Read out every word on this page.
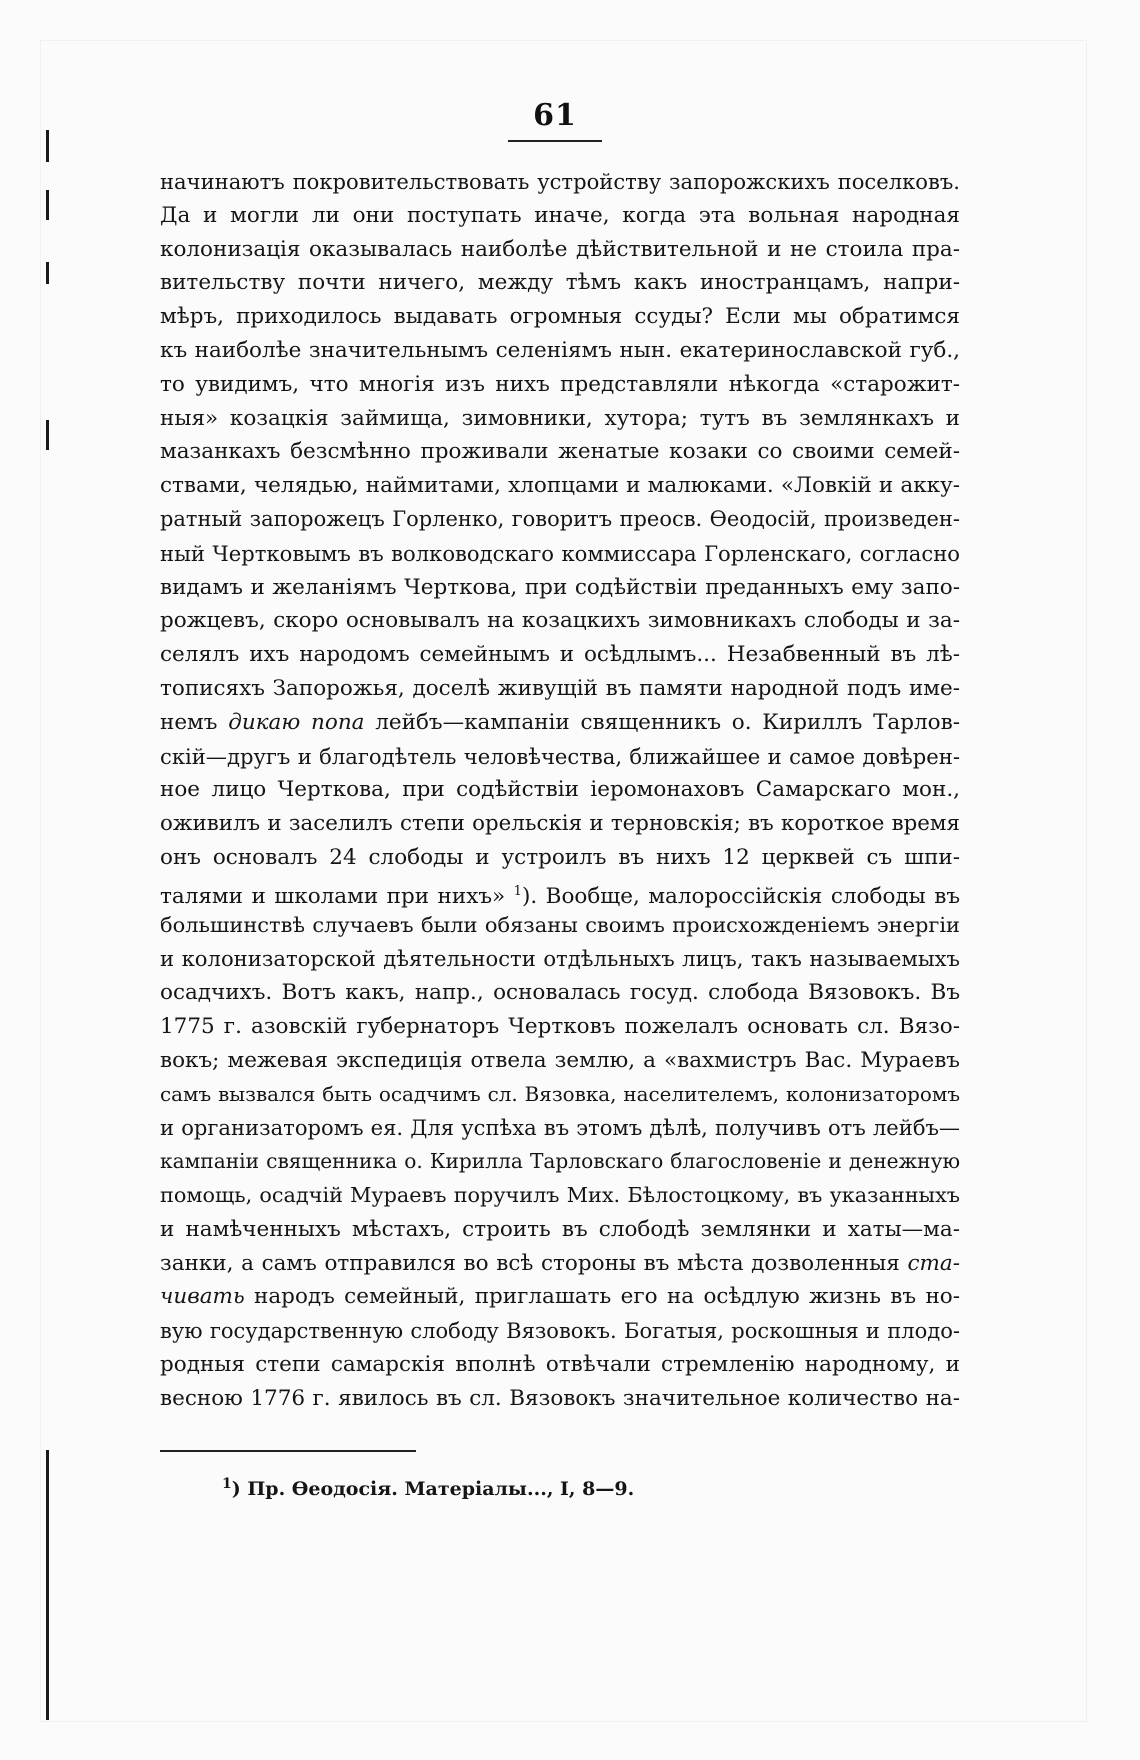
61
начинаютъ покровительствовать устройству запорожскихъ поселковъ.
Да и могли ли они поступать иначе, когда эта вольная народная
колонизація оказывалась наиболѣе дѣйствительной и не стоила пра-
вительству почти ничего, между тѣмъ какъ иностранцамъ, напри-
мѣръ, приходилось выдавать огромныя ссуды? Если мы обратимся
къ наиболѣе значительнымъ селеніямъ нын. екатеринославской губ.,
то увидимъ, что многія изъ нихъ представляли нѣкогда «старожит-
ныя» козацкія займища, зимовники, хутора; тутъ въ землянкахъ и
мазанкахъ безсмѣнно проживали женатые козаки со своими семей-
ствами, челядью, наймитами, хлопцами и малюками. «Ловкій и акку-
ратный запорожецъ Горленко, говоритъ преосв. Ѳеодосій, произведен-
ный Чертковымъ въ волководскаго коммиссара Горленскаго, согласно
видамъ и желаніямъ Черткова, при содѣйствіи преданныхъ ему запо-
рожцевъ, скоро основывалъ на козацкихъ зимовникахъ слободы и за-
селялъ ихъ народомъ семейнымъ и осѣдлымъ... Незабвенный въ лѣ-
тописяхъ Запорожья, доселѣ живущій въ памяти народной подъ име-
немъ дикаю попа лейбъ—кампаніи священникъ о. Кириллъ Тарлов-
скій—другъ и благодѣтель человѣчества, ближайшее и самое довѣрен-
ное лицо Черткова, при содѣйствіи іеромонаховъ Самарскаго мон.,
оживилъ и заселилъ степи орельскія и терновскія; въ короткое время
онъ основалъ 24 слободы и устроилъ въ нихъ 12 церквей съ шпи-
талями и школами при нихъ» $^1$). Вообще, малороссійскія слободы въ
большинствѣ случаевъ были обязаны своимъ происхожденіемъ энергіи
и колонизаторской дѣятельности отдѣльныхъ лицъ, такъ называемыхъ
осадчихъ. Вотъ какъ, напр., основалась госуд. слобода Вязовокъ. Въ
1775 г. азовскій губернаторъ Чертковъ пожелалъ основать сл. Вязо-
вокъ; межевая экспедиція отвела землю, а «вахмистръ Вас. Мураевъ
самъ вызвался быть осадчимъ сл. Вязовка, населителемъ, колонизаторомъ
и организаторомъ ея. Для успѣха въ этомъ дѣлѣ, получивъ отъ лейбъ—
кампаніи священника о. Кирилла Тарловскаго благословеніе и денежную
помощь, осадчій Мураевъ поручилъ Мих. Бѣлостоцкому, въ указанныхъ
и намѣченныхъ мѣстахъ, строить въ слободѣ землянки и хаты—ма-
занки, а самъ отправился во всѣ стороны въ мѣста дозволенныя ста-
чивать народъ семейный, приглашать его на осѣдлую жизнь въ но-
вую государственную слободу Вязовокъ. Богатыя, роскошныя и плодо-
родныя степи самарскія вполнѣ отвѣчали стремленію народному, и
весною 1776 г. явилось въ сл. Вязовокъ значительное количество на-
$^1$) Пр. Ѳеодосія. Матеріалы..., I, 8—9.
